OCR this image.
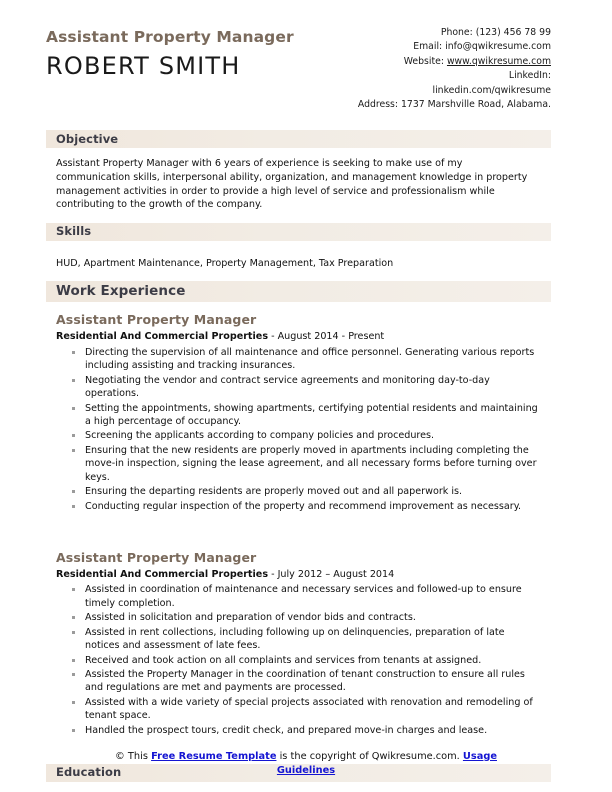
Assistant Property Manager
ROBERT SMITH
Phone: (123) 456 78 99
Email: info@qwikresume.com
Website: www.qwikresume.com
LinkedIn:
linkedin.com/qwikresume
Address: 1737 Marshville Road, Alabama.
Objective

Assistant Property Manager with 6 years of experience is seeking to make use of my communication skills, interpersonal ability, organization, and management knowledge in property management activities in order to provide a high level of service and professionalism while contributing to the growth of the company.

Skills

HUD, Apartment Maintenance, Property Management, Tax Preparation

Work Experience
Assistant Property Manager
Residential And Commercial Properties - August 2014 - Present
Directing the supervision of all maintenance and office personnel. Generating various reports including assisting and tracking insurances.
Negotiating the vendor and contract service agreements and monitoring day-to-day operations.
Setting the appointments, showing apartments, certifying potential residents and maintaining a high percentage of occupancy.
Screening the applicants according to company policies and procedures.
Ensuring that the new residents are properly moved in apartments including completing the move-in inspection, signing the lease agreement, and all necessary forms before turning over keys.
Ensuring the departing residents are properly moved out and all paperwork is.
Conducting regular inspection of the property and recommend improvement as necessary.
Assistant Property Manager
Residential And Commercial Properties - July 2012 – August 2014
Assisted in coordination of maintenance and necessary services and followed-up to ensure timely completion.
Assisted in solicitation and preparation of vendor bids and contracts.
Assisted in rent collections, including following up on delinquencies, preparation of late notices and assessment of late fees.
Received and took action on all complaints and services from tenants at assigned.
Assisted the Property Manager in the coordination of tenant construction to ensure all rules and regulations are met and payments are processed.
Assisted with a wide variety of special projects associated with renovation and remodeling of tenant space.
Handled the prospect tours, credit check, and prepared move-in charges and lease.
Education
© This Free Resume Template is the copyright of Qwikresume.com. Usage Guidelines
